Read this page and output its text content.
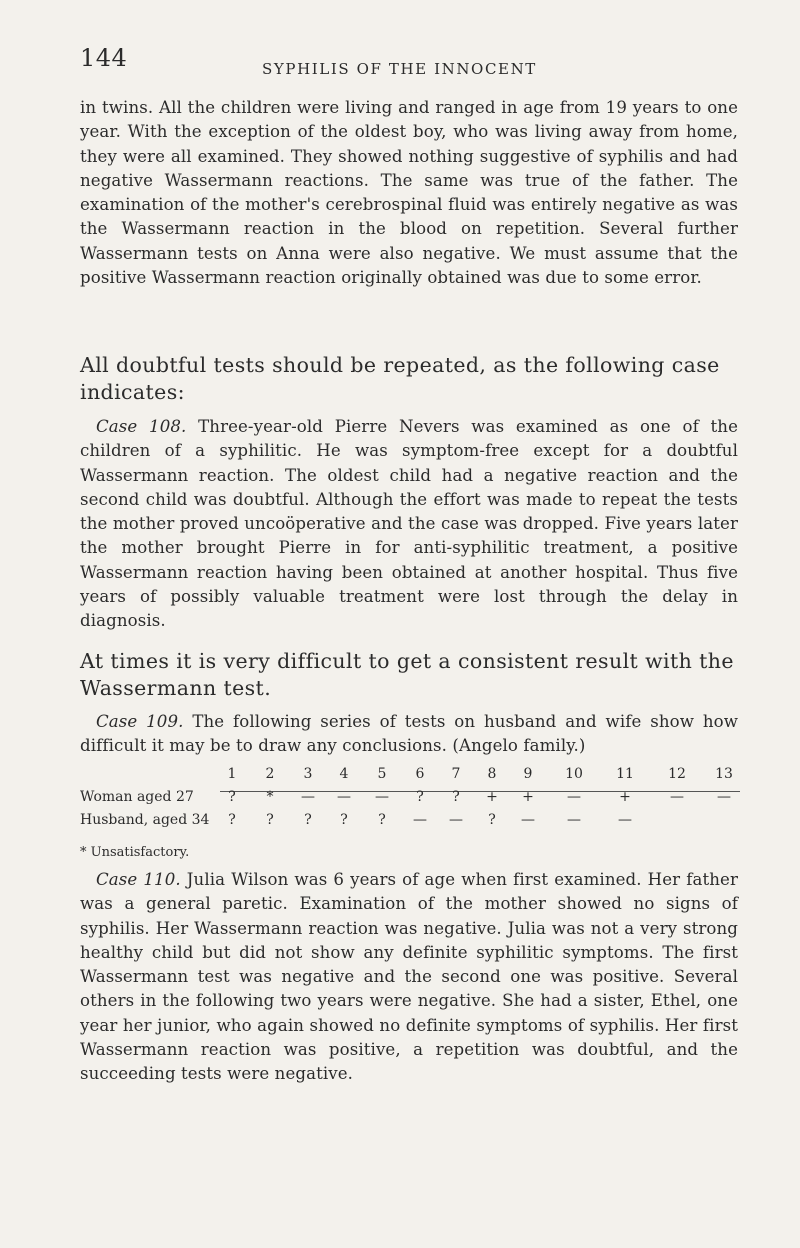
144	SYPHILIS OF THE INNOCENT

in twins. All the children were living and ranged in age from 19 years to one year. With the exception of the oldest boy, who was living away from home, they were all examined. They showed nothing suggestive of syphilis and had negative Wassermann reactions. The same was true of the father. The examination of the mother's cerebrospinal fluid was entirely negative as was the Wassermann reaction in the blood on repetition. Several further Wassermann tests on Anna were also negative. We must assume that the positive Wassermann reaction originally obtained was due to some error.

All doubtful tests should be repeated, as the following case indicates:

Case 108. Three-year-old Pierre Nevers was examined as one of the children of a syphilitic. He was symptom-free except for a doubtful Wassermann reaction. The oldest child had a negative reaction and the second child was doubtful. Although the effort was made to repeat the tests the mother proved uncoöperative and the case was dropped. Five years later the mother brought Pierre in for anti-syphilitic treatment, a positive Wassermann reaction having been obtained at another hospital. Thus five years of possibly valuable treatment were lost through the delay in diagnosis.

At times it is very difficult to get a consistent result with the Wassermann test.

Case 109. The following series of tests on husband and wife show how difficult it may be to draw any conclusions. (Angelo family.)

1	2	3	4	5	6	7	8	9	10 11 12 13
Woman aged 27	?	*	—	—	—	?	?	+	+	—	+	—	—
Husband, aged 34	?	?	?	?	?	—	—	?	—	—	—
* Unsatisfactory.

Case 110. Julia Wilson was 6 years of age when first examined. Her father was a general paretic. Examination of the mother showed no signs of syphilis. Her Wassermann reaction was negative. Julia was not a very strong healthy child but did not show any definite syphilitic symptoms. The first Wassermann test was negative and the second one was positive. Several others in the following two years were negative. She had a sister, Ethel, one year her junior, who again showed no definite symptoms of syphilis. Her first Wassermann reaction was positive, a repetition was doubtful, and the succeeding tests were negative.
